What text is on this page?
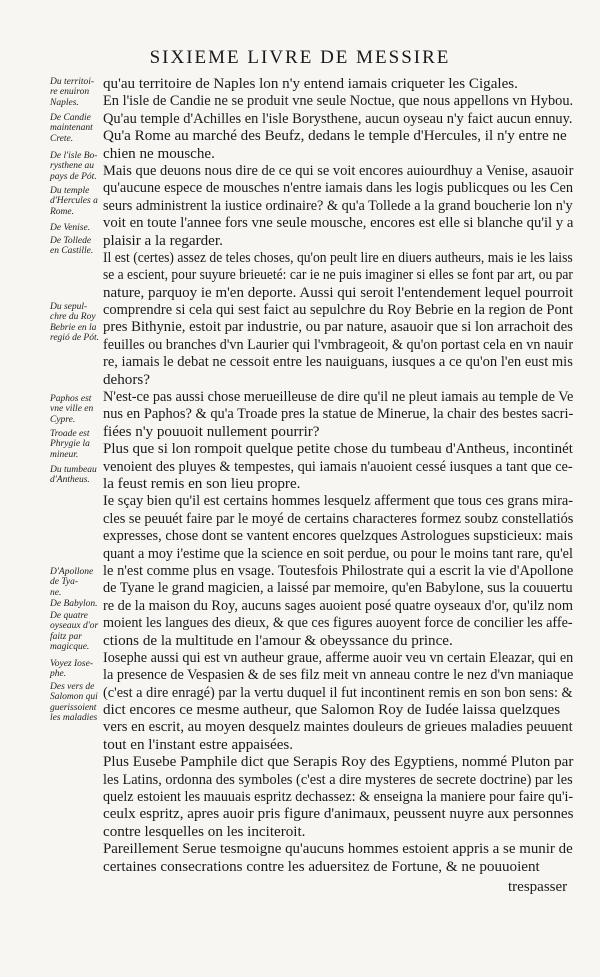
SIXIEME LIVRE DE MESSIRE
qu'au territoire de Naples lon n'y entend iamais criqueter les Cigales.
En l'isle de Candie ne se produit vne seule Noctue, que nous appellons vn Hybou.
Qu'au temple d'Achilles en l'isle Borysthene, aucun oyseau n'y faict aucun ennuy.
Qu'a Rome au marché des Beufz, dedans le temple d'Hercules, il n'y entre ne
chien ne mousche.
Mais que deuons nous dire de ce qui se voit encores auiourdhuy a Venise, asauoir
qu'aucune espece de mousches n'entre iamais dans les logis publicques ou les Cen
seurs administrent la iustice ordinaire? & qu'a Tollede a la grand boucherie lon n'y
voit en toute l'annee fors vne seule mousche, encores est elle si blanche qu'il y a
plaisir a la regarder.
Il est (certes) assez de teles choses, qu'on peult lire en diuers autheurs, mais ie les laiss
se a escient, pour suyure brieueté: car ie ne puis imaginer si elles se font par art, ou par
nature, parquoy ie m'en deporte. Aussi qui seroit l'entendement lequel pourroit
comprendre si cela qui sest faict au sepulchre du Roy Bebrie en la region de Pont
pres Bithynie, estoit par industrie, ou par nature, asauoir que si lon arrachoit des
feuilles ou branches d'vn Laurier qui l'vmbrageoit, & qu'on portast cela en vn nauir
re, iamais le debat ne cessoit entre les nauiguans, iusques a ce qu'on l'en eust mis
dehors?
N'est-ce pas aussi chose merueilleuse de dire qu'il ne pleut iamais au temple de Ve
nus en Paphos? & qu'a Troade pres la statue de Minerue, la chair des bestes sacri-
fiées n'y pouuoit nullement pourrir?
Plus que si lon rompoit quelque petite chose du tumbeau d'Antheus, incontinét
venoient des pluyes & tempestes, qui iamais n'auoient cessé iusques a tant que ce-
la feust remis en son lieu propre.
Ie sçay bien qu'il est certains hommes lesquelz afferment que tous ces grans mira-
cles se peuuét faire par le moyé de certains characteres formez soubz constellatiós
expresses, chose dont se vantent encores quelzques Astrologues supsticieux: mais
quant a moy i'estime que la science en soit perdue, ou pour le moins tant rare, qu'el
le n'est comme plus en vsage. Toutesfois Philostrate qui a escrit la vie d'Apollone
de Tyane le grand magicien, a laissé par memoire, qu'en Babylone, sus la couuertu
re de la maison du Roy, aucuns sages auoient posé quatre oyseaux d'or, qu'ilz nom
moient les langues des dieux, & que ces figures auoyent force de concilier les affe-
ctions de la multitude en l'amour & obeyssance du prince.
Iosephe aussi qui est vn autheur graue, afferme auoir veu vn certain Eleazar, qui en
la presence de Vespasien & de ses filz meit vn anneau contre le nez d'vn maniaque
(c'est a dire enragé) par la vertu duquel il fut incontinent remis en son bon sens: &
dict encores ce mesme autheur, que Salomon Roy de Iudée laissa quelzques
vers en escrit, au moyen desquelz maintes douleurs de grieues maladies peuuent
tout en l'instant estre appaisées.
Plus Eusebe Pamphile dict que Serapis Roy des Egyptiens, nommé Pluton par
les Latins, ordonna des symboles (c'est a dire mysteres de secrete doctrine) par les
quelz estoient les mauuais espritz dechassez: & enseigna la maniere pour faire qu'i-
ceulx espritz, apres auoir pris figure d'animaux, peussent nuyre aux personnes
contre lesquelles on les inciteroit.
Pareillement Serue tesmoigne qu'aucuns hommes estoient appris a se munir de
certaines consecrations contre les aduersitez de Fortune, & ne pouuoient
Du territoi-
re enuiron
Naples.
De Candie
maintenant
Crete.
De l'isle Bo-
rysthene au
pays de Pót.
Du temple
d'Hercules a
Rome.
De Venise.
De Tollede
en Castille.
Du sepul-
chre du Roy
Bebrie en la
regió de Pót.
Paphos est
vne ville en
Cypre.
Troade est
Phrygie la
mineur.
Du tumbeau
d'Antheus.
D'Apollone
de Tya-
ne.
De Babylon.
De quatre
oyseaux d'or
faitz par
magicque.
Voyez Iose-
phe.
Des vers de
Salomon qui
guerissoient
les maladies
trespasser
